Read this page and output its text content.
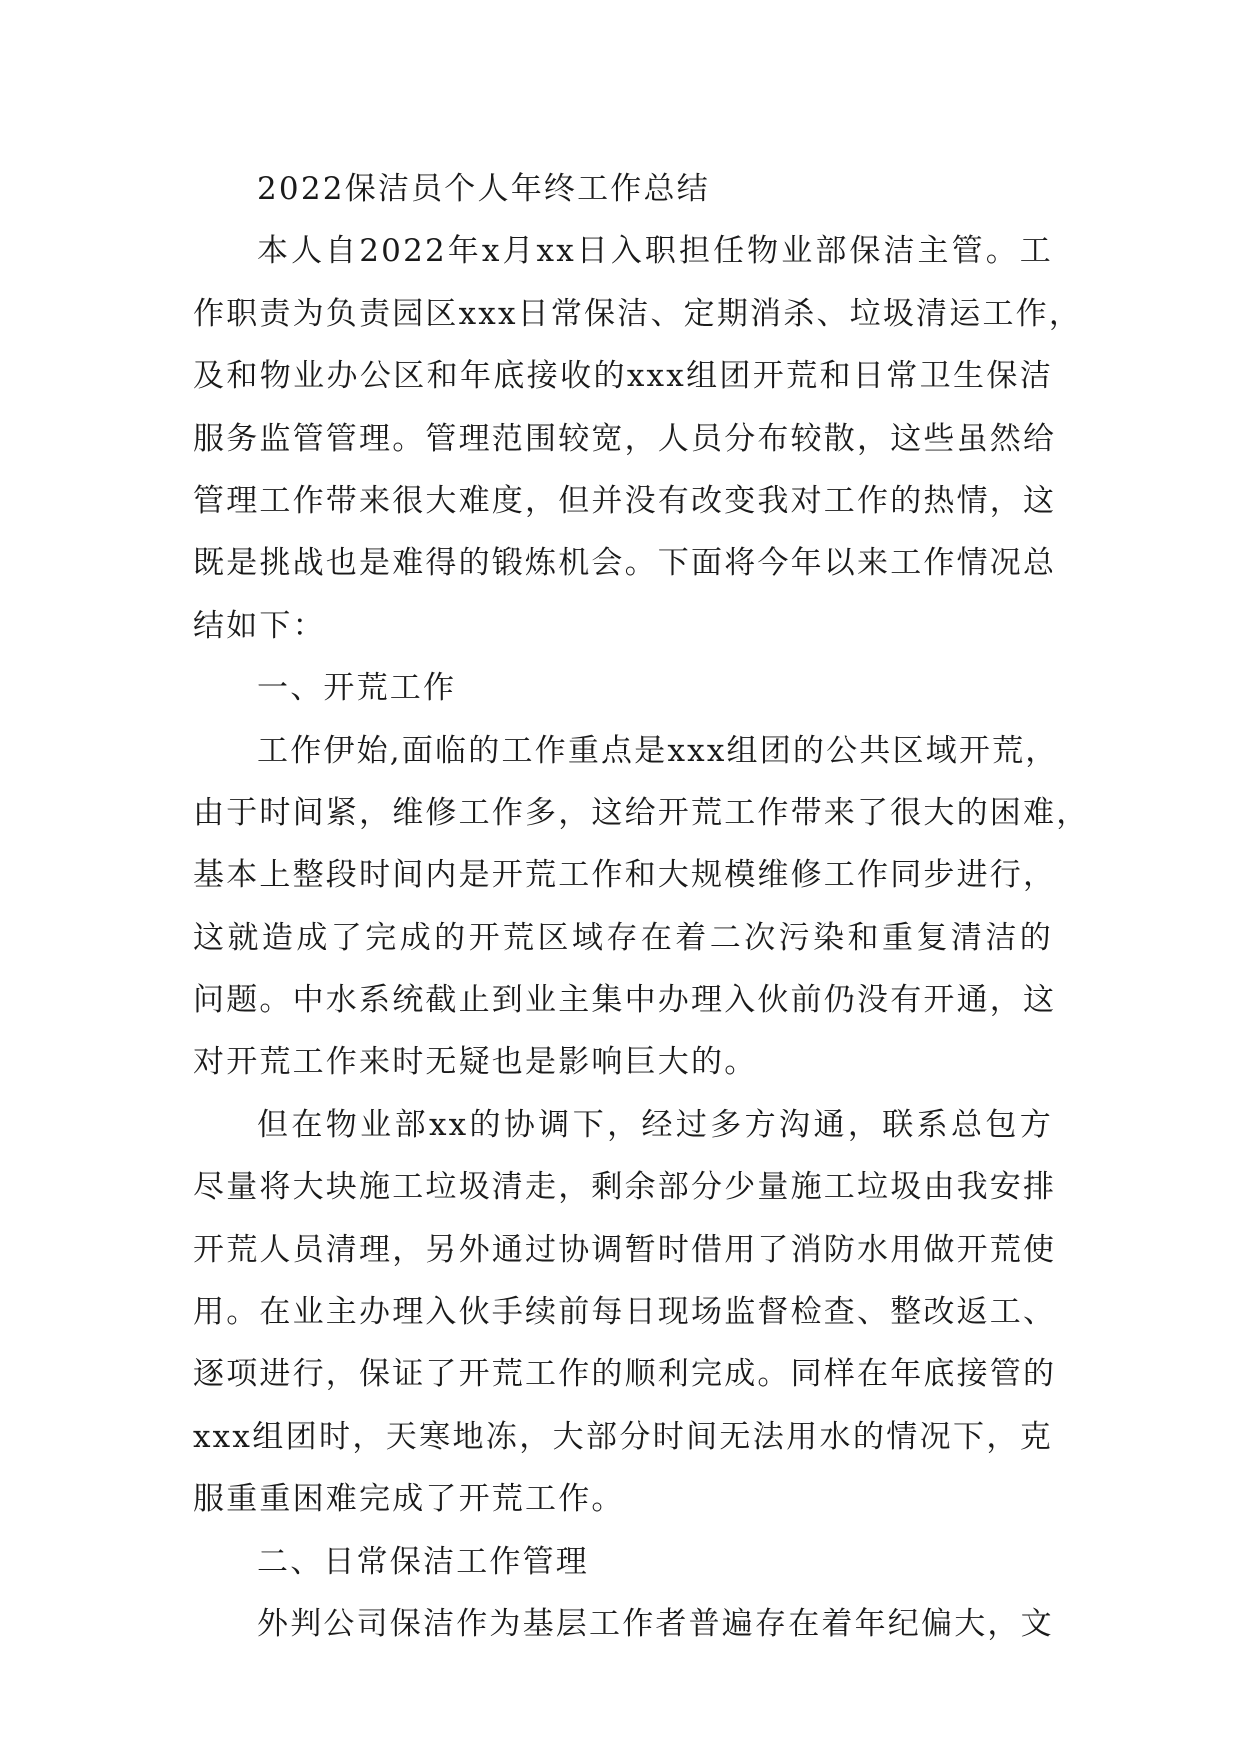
2022保洁员个人年终工作总结
本人自2022年x月xx日入职担任物业部保洁主管。工
作职责为负责园区xxx日常保洁、定期消杀、垃圾清运工作，
及和物业办公区和年底接收的xxx组团开荒和日常卫生保洁
服务监管管理。管理范围较宽，人员分布较散，这些虽然给
管理工作带来很大难度，但并没有改变我对工作的热情，这
既是挑战也是难得的锻炼机会。下面将今年以来工作情况总
结如下：
一、开荒工作
工作伊始,面临的工作重点是xxx组团的公共区域开荒，
由于时间紧，维修工作多，这给开荒工作带来了很大的困难，
基本上整段时间内是开荒工作和大规模维修工作同步进行，
这就造成了完成的开荒区域存在着二次污染和重复清洁的
问题。中水系统截止到业主集中办理入伙前仍没有开通，这
对开荒工作来时无疑也是影响巨大的。
但在物业部xx的协调下，经过多方沟通，联系总包方
尽量将大块施工垃圾清走，剩余部分少量施工垃圾由我安排
开荒人员清理，另外通过协调暂时借用了消防水用做开荒使
用。在业主办理入伙手续前每日现场监督检查、整改返工、
逐项进行，保证了开荒工作的顺利完成。同样在年底接管的
xxx组团时，天寒地冻，大部分时间无法用水的情况下，克
服重重困难完成了开荒工作。
二、日常保洁工作管理
外判公司保洁作为基层工作者普遍存在着年纪偏大，文
